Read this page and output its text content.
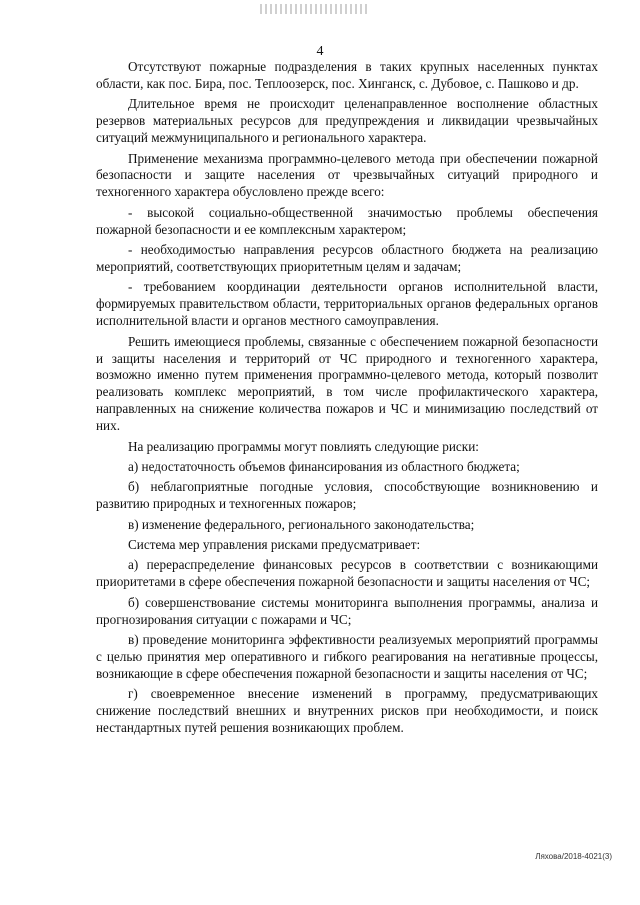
4

Отсутствуют пожарные подразделения в таких крупных населенных пунктах области, как пос. Бира, пос. Теплоозерск, пос. Хинганск, с. Дубовое, с. Пашково и др.

Длительное время не происходит целенаправленное восполнение областных резервов материальных ресурсов для предупреждения и ликвидации чрезвычайных ситуаций межмуниципального и регионального характера.

Применение механизма программно-целевого метода при обеспечении пожарной безопасности и защите населения от чрезвычайных ситуаций природного и техногенного характера обусловлено прежде всего:

- высокой социально-общественной значимостью проблемы обеспечения пожарной безопасности и ее комплексным характером;

- необходимостью направления ресурсов областного бюджета на реализацию мероприятий, соответствующих приоритетным целям и задачам;

- требованием координации деятельности органов исполнительной власти, формируемых правительством области, территориальных органов федеральных органов исполнительной власти и органов местного самоуправления.

Решить имеющиеся проблемы, связанные с обеспечением пожарной безопасности и защиты населения и территорий от ЧС природного и техногенного характера, возможно именно путем применения программно-целевого метода, который позволит реализовать комплекс мероприятий, в том числе профилактического характера, направленных на снижение количества пожаров и ЧС и минимизацию последствий от них.

На реализацию программы могут повлиять следующие риски:

а) недостаточность объемов финансирования из областного бюджета;

б) неблагоприятные погодные условия, способствующие возникновению и развитию природных и техногенных пожаров;

в) изменение федерального, регионального законодательства;

Система мер управления рисками предусматривает:

а) перераспределение финансовых ресурсов в соответствии с возникающими приоритетами в сфере обеспечения пожарной безопасности и защиты населения от ЧС;

б) совершенствование системы мониторинга выполнения программы, анализа и прогнозирования ситуации с пожарами и ЧС;

в) проведение мониторинга эффективности реализуемых мероприятий программы с целью принятия мер оперативного и гибкого реагирования на негативные процессы, возникающие в сфере обеспечения пожарной безопасности и защиты населения от ЧС;

г) своевременное внесение изменений в программу, предусматривающих снижение последствий внешних и внутренних рисков при необходимости, и поиск нестандартных путей решения возникающих проблем.

Ляхова/2018-4021(3)
